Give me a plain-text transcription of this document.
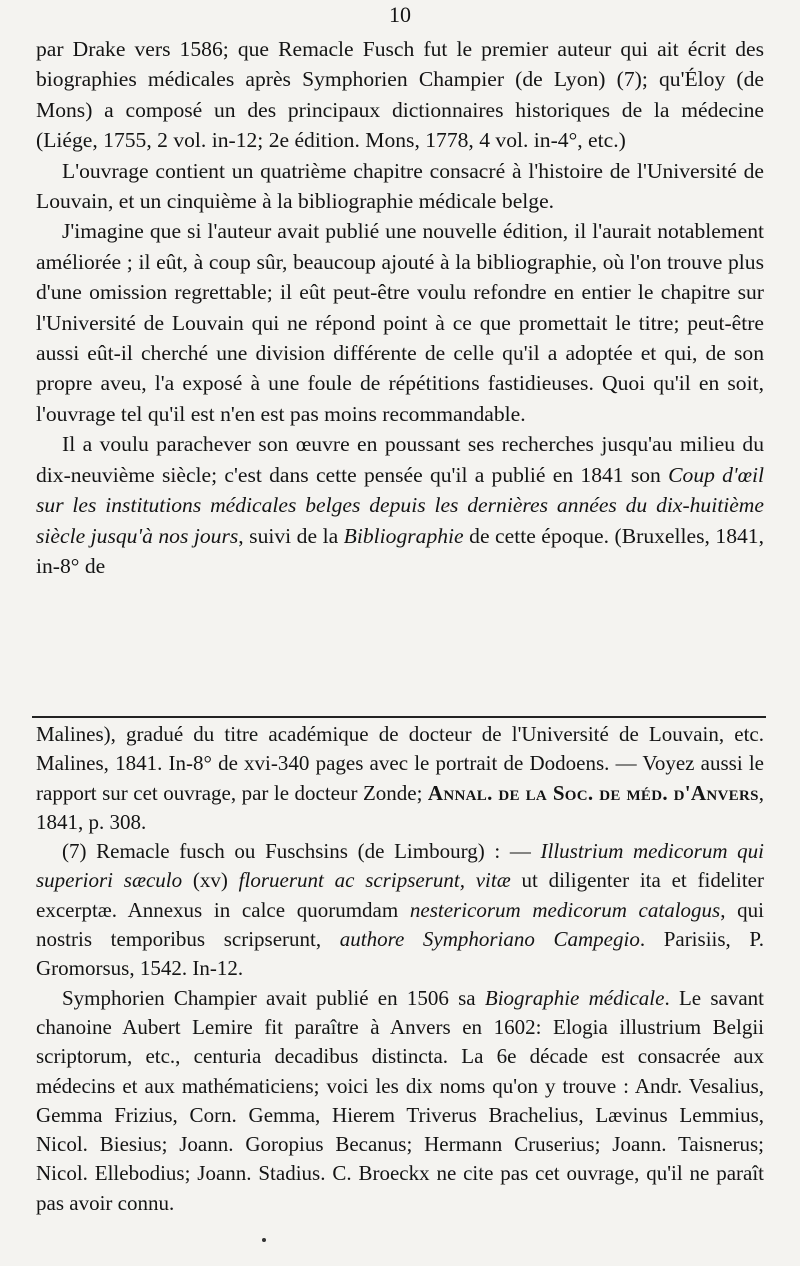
10

par Drake vers 1586; que Remacle Fusch fut le premier auteur qui ait écrit des biographies médicales après Symphorien Champier (de Lyon) (7); qu'Éloy (de Mons) a composé un des principaux dictionnaires historiques de la médecine (Liége, 1755, 2 vol. in-12; 2e édition. Mons, 1778, 4 vol. in-4°, etc.)

L'ouvrage contient un quatrième chapitre consacré à l'histoire de l'Université de Louvain, et un cinquième à la bibliographie médicale belge.

J'imagine que si l'auteur avait publié une nouvelle édition, il l'aurait notablement améliorée ; il eût, à coup sûr, beaucoup ajouté à la bibliographie, où l'on trouve plus d'une omission regrettable; il eût peut-être voulu refondre en entier le chapitre sur l'Université de Louvain qui ne répond point à ce que promettait le titre; peut-être aussi eût-il cherché une division différente de celle qu'il a adoptée et qui, de son propre aveu, l'a exposé à une foule de répétitions fastidieuses. Quoi qu'il en soit, l'ouvrage tel qu'il est n'en est pas moins recommandable.

Il a voulu parachever son œuvre en poussant ses recherches jusqu'au milieu du dix-neuvième siècle; c'est dans cette pensée qu'il a publié en 1841 son Coup d'œil sur les institutions médicales belges depuis les dernières années du dix-huitième siècle jusqu'à nos jours, suivi de la Bibliographie de cette époque. (Bruxelles, 1841, in-8° de

Malines), gradué du titre académique de docteur de l'Université de Louvain, etc. Malines, 1841. In-8° de xvi-340 pages avec le portrait de Dodoens. — Voyez aussi le rapport sur cet ouvrage, par le docteur Zonde; Annal. de la Soc. de méd. d'Anvers, 1841, p. 308.

(7) Remacle fusch ou Fuschsins (de Limbourg) : — Illustrium medicorum qui superiori sæculo (xv) floruerunt ac scripserunt, vitæ ut diligenter ita et fideliter excerptæ. Annexus in calce quorumdam nestericorum medicorum catalogus, qui nostris temporibus scripserunt, authore Symphoriano Campegio. Parisiis, P. Gromorsus, 1542. In-12.

Symphorien Champier avait publié en 1506 sa Biographie médicale. Le savant chanoine Aubert Lemire fit paraître à Anvers en 1602: Elogia illustrium Belgii scriptorum, etc., centuria decadibus distincta. La 6e décade est consacrée aux médecins et aux mathématiciens; voici les dix noms qu'on y trouve : Andr. Vesalius, Gemma Frizius, Corn. Gemma, Hierem Triverus Brachelius, Lævinus Lemmius, Nicol. Biesius; Joann. Goropius Becanus; Hermann Cruserius; Joann. Taisnerus; Nicol. Ellebodius; Joann. Stadius. C. Broeckx ne cite pas cet ouvrage, qu'il ne paraît pas avoir connu.
